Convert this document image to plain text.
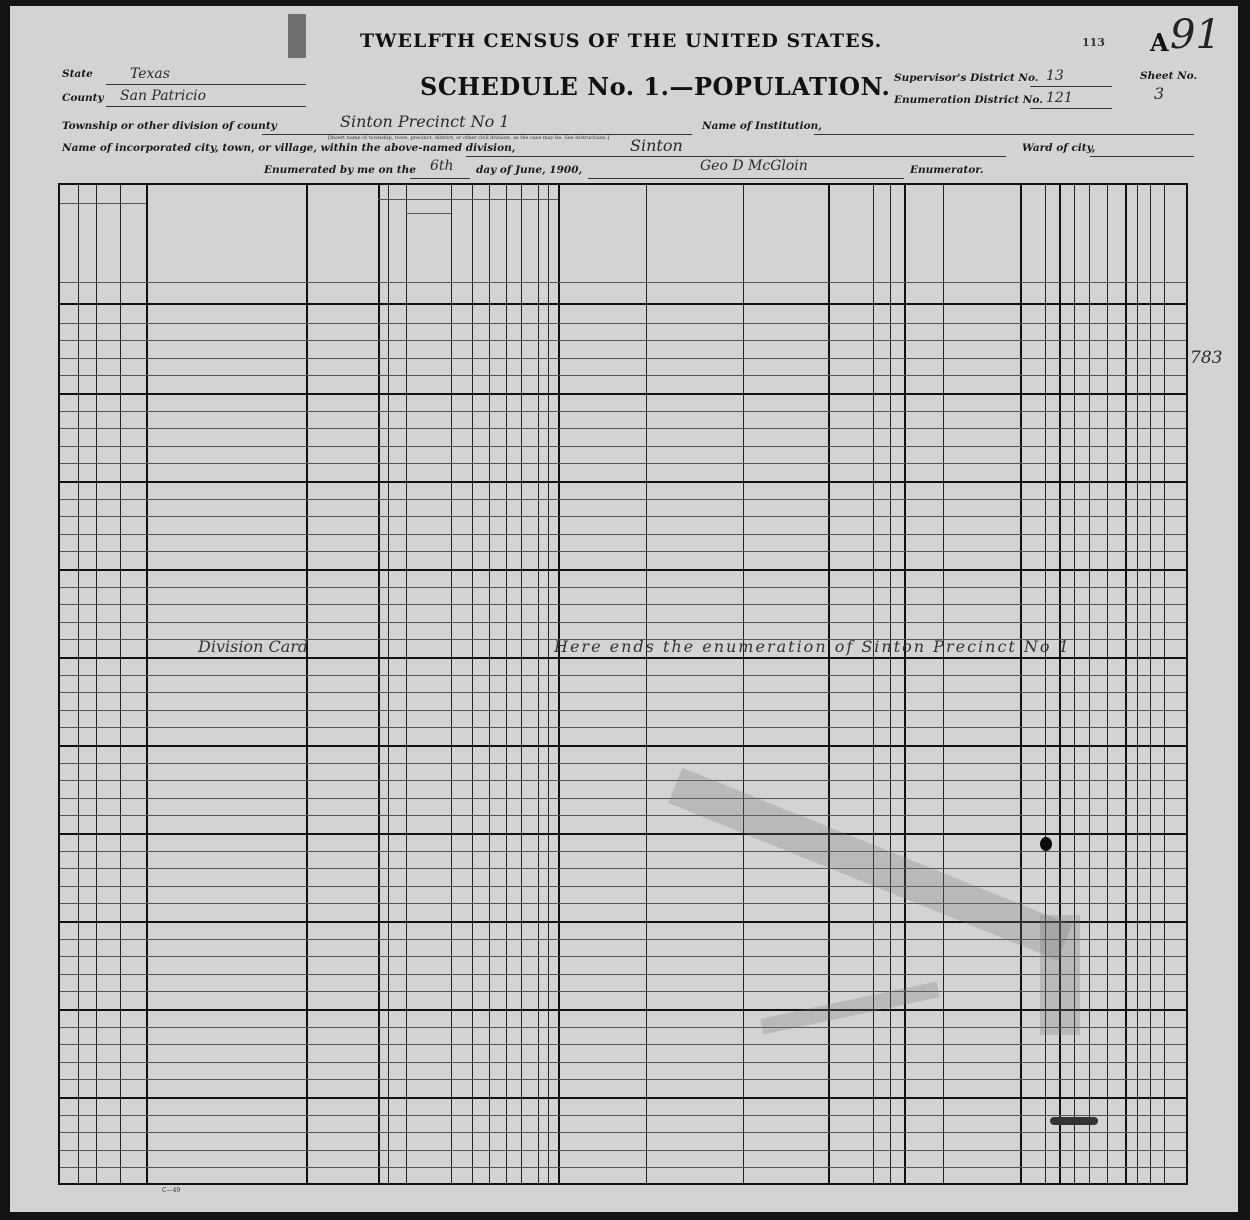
TWELFTH CENSUS OF THE UNITED STATES.	113 A 91
State	Texas
County San Patricio	SCHEDULE No. 1.—POPULATION. Supervisor's District No. 13
Enumeration District No. 121
Sheet No.
3
Township or other division of county	Sinton Precinct No 1
[Insert name of township, town, precinct, district, or other civil division, as the case may be. See instructions.]
Name of Institution,
Name of incorporated city, town, or village, within the above-named division,	Sinton	Ward of city,
Enumerated by me on the 6th day of June, 1900,	Geo D McGloin	Enumerator.
783
Division Card	Here ends the enumeration of Sinton Precinct No 1
C—49
